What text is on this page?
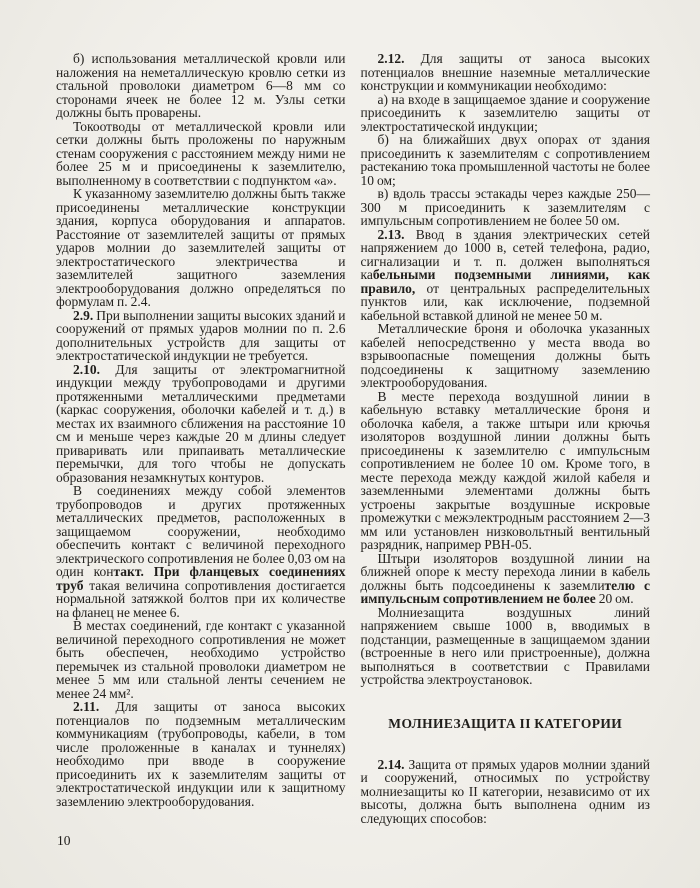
б) использования металлической кровли или наложения на неметаллическую кровлю сетки из стальной проволоки диаметром 6—8 мм со сторонами ячеек не более 12 м. Узлы сетки должны быть проварены.

Токоотводы от металлической кровли или сетки должны быть проложены по наружным стенам сооружения с расстоянием между ними не более 25 м и присоединены к заземлителю, выполненному в соответствии с подпунктом «а».

К указанному заземлителю должны быть также присоединены металлические конструкции здания, корпуса оборудования и аппаратов. Расстояние от заземлителей защиты от прямых ударов молнии до заземлителей защиты от электростатического электричества и заземлителей защитного заземления электрооборудования должно определяться по формулам п. 2.4.

2.9. При выполнении защиты высоких зданий и сооружений от прямых ударов молнии по п. 2.6 дополнительных устройств для защиты от электростатической индукции не требуется.

2.10. Для защиты от электромагнитной индукции между трубопроводами и другими протяженными металлическими предметами (каркас сооружения, оболочки кабелей и т. д.) в местах их взаимного сближения на расстояние 10 см и меньше через каждые 20 м длины следует приваривать или припаивать металлические перемычки, для того чтобы не допускать образования незамкнутых контуров.

В соединениях между собой элементов трубопроводов и других протяженных металлических предметов, расположенных в защищаемом сооружении, необходимо обеспечить контакт с величиной переходного электрического сопротивления не более 0,03 ом на один контакт. При фланцевых соединениях труб такая величина сопротивления достигается нормальной затяжкой болтов при их количестве на фланец не менее 6.

В местах соединений, где контакт с указанной величиной переходного сопротивления не может быть обеспечен, необходимо устройство перемычек из стальной проволоки диаметром не менее 5 мм или стальной ленты сечением не менее 24 мм².

2.11. Для защиты от заноса высоких потенциалов по подземным металлическим коммуникациям (трубопроводы, кабели, в том числе проложенные в каналах и туннелях) необходимо при вводе в сооружение присоединить их к заземлителям защиты от электростатической индукции или к защитному заземлению электрооборудования.

2.12. Для защиты от заноса высоких потенциалов внешние наземные металлические конструкции и коммуникации необходимо:

а) на входе в защищаемое здание и сооружение присоединить к заземлителю защиты от электростатической индукции;

б) на ближайших двух опорах от здания присоединить к заземлителям с сопротивлением растеканию тока промышленной частоты не более 10 ом;

в) вдоль трассы эстакады через каждые 250—300 м присоединить к заземлителям с импульсным сопротивлением не более 50 ом.

2.13. Ввод в здания электрических сетей напряжением до 1000 в, сетей телефона, радио, сигнализации и т. п. должен выполняться кабельными подземными линиями, как правило, от центральных распределительных пунктов или, как исключение, подземной кабельной вставкой длиной не менее 50 м.

Металлические броня и оболочка указанных кабелей непосредственно у места ввода во взрывоопасные помещения должны быть подсоединены к защитному заземлению электрооборудования.

В месте перехода воздушной линии в кабельную вставку металлические броня и оболочка кабеля, а также штыри или крючья изоляторов воздушной линии должны быть присоединены к заземлителю с импульсным сопротивлением не более 10 ом. Кроме того, в месте перехода между каждой жилой кабеля и заземленными элементами должны быть устроены закрытые воздушные искровые промежутки с межэлектродным расстоянием 2—3 мм или установлен низковольтный вентильный разрядник, например РВН-05.

Штыри изоляторов воздушной линии на ближней опоре к месту перехода линии в кабель должны быть подсоединены к заземлителю с импульсным сопротивлением не более 20 ом.

Молниезащита воздушных линий напряжением свыше 1000 в, вводимых в подстанции, размещенные в защищаемом здании (встроенные в него или пристроенные), должна выполняться в соответствии с Правилами устройства электроустановок.

МОЛНИЕЗАЩИТА II КАТЕГОРИИ

2.14. Защита от прямых ударов молнии зданий и сооружений, относимых по устройству молниезащиты ко II категории, независимо от их высоты, должна быть выполнена одним из следующих способов:

10
